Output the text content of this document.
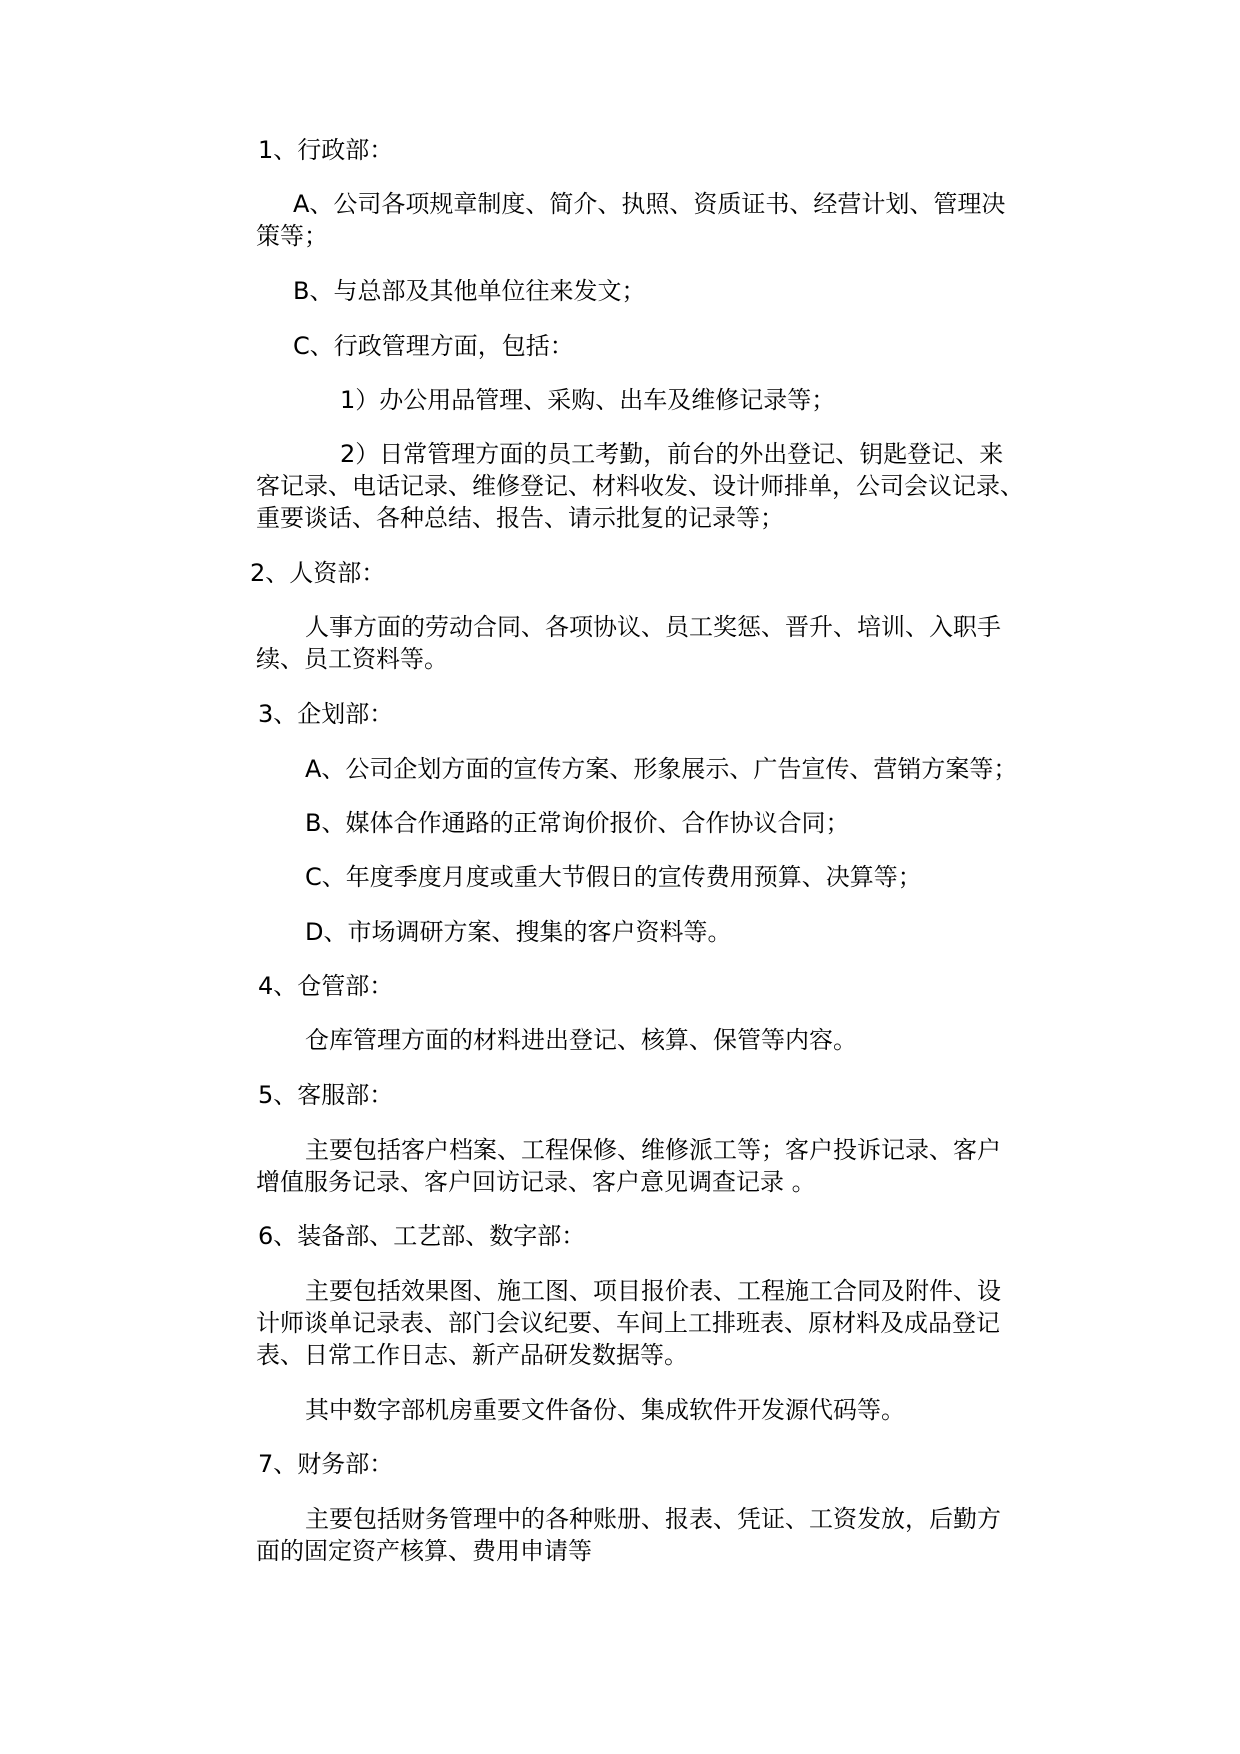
1、行政部：
A、公司各项规章制度、简介、执照、资质证书、经营计划、管理决
策等；
B、与总部及其他单位往来发文；
C、行政管理方面，包括：
1）办公用品管理、采购、出车及维修记录等；
2）日常管理方面的员工考勤，前台的外出登记、钥匙登记、来
客记录、电话记录、维修登记、材料收发、设计师排单，公司会议记录、
重要谈话、各种总结、报告、请示批复的记录等；
2、人资部：
人事方面的劳动合同、各项协议、员工奖惩、晋升、培训、入职手
续、员工资料等。
3、企划部：
A、公司企划方面的宣传方案、形象展示、广告宣传、营销方案等；
B、媒体合作通路的正常询价报价、合作协议合同；
C、年度季度月度或重大节假日的宣传费用预算、决算等；
D、市场调研方案、搜集的客户资料等。
4、仓管部：
仓库管理方面的材料进出登记、核算、保管等内容。
5、客服部：
主要包括客户档案、工程保修、维修派工等；客户投诉记录、客户
增值服务记录、客户回访记录、客户意见调查记录 。
6、装备部、工艺部、数字部：
主要包括效果图、施工图、项目报价表、工程施工合同及附件、设
计师谈单记录表、部门会议纪要、车间上工排班表、原材料及成品登记
表、日常工作日志、新产品研发数据等。
其中数字部机房重要文件备份、集成软件开发源代码等。
7、财务部：
主要包括财务管理中的各种账册、报表、凭证、工资发放，后勤方
面的固定资产核算、费用申请等
